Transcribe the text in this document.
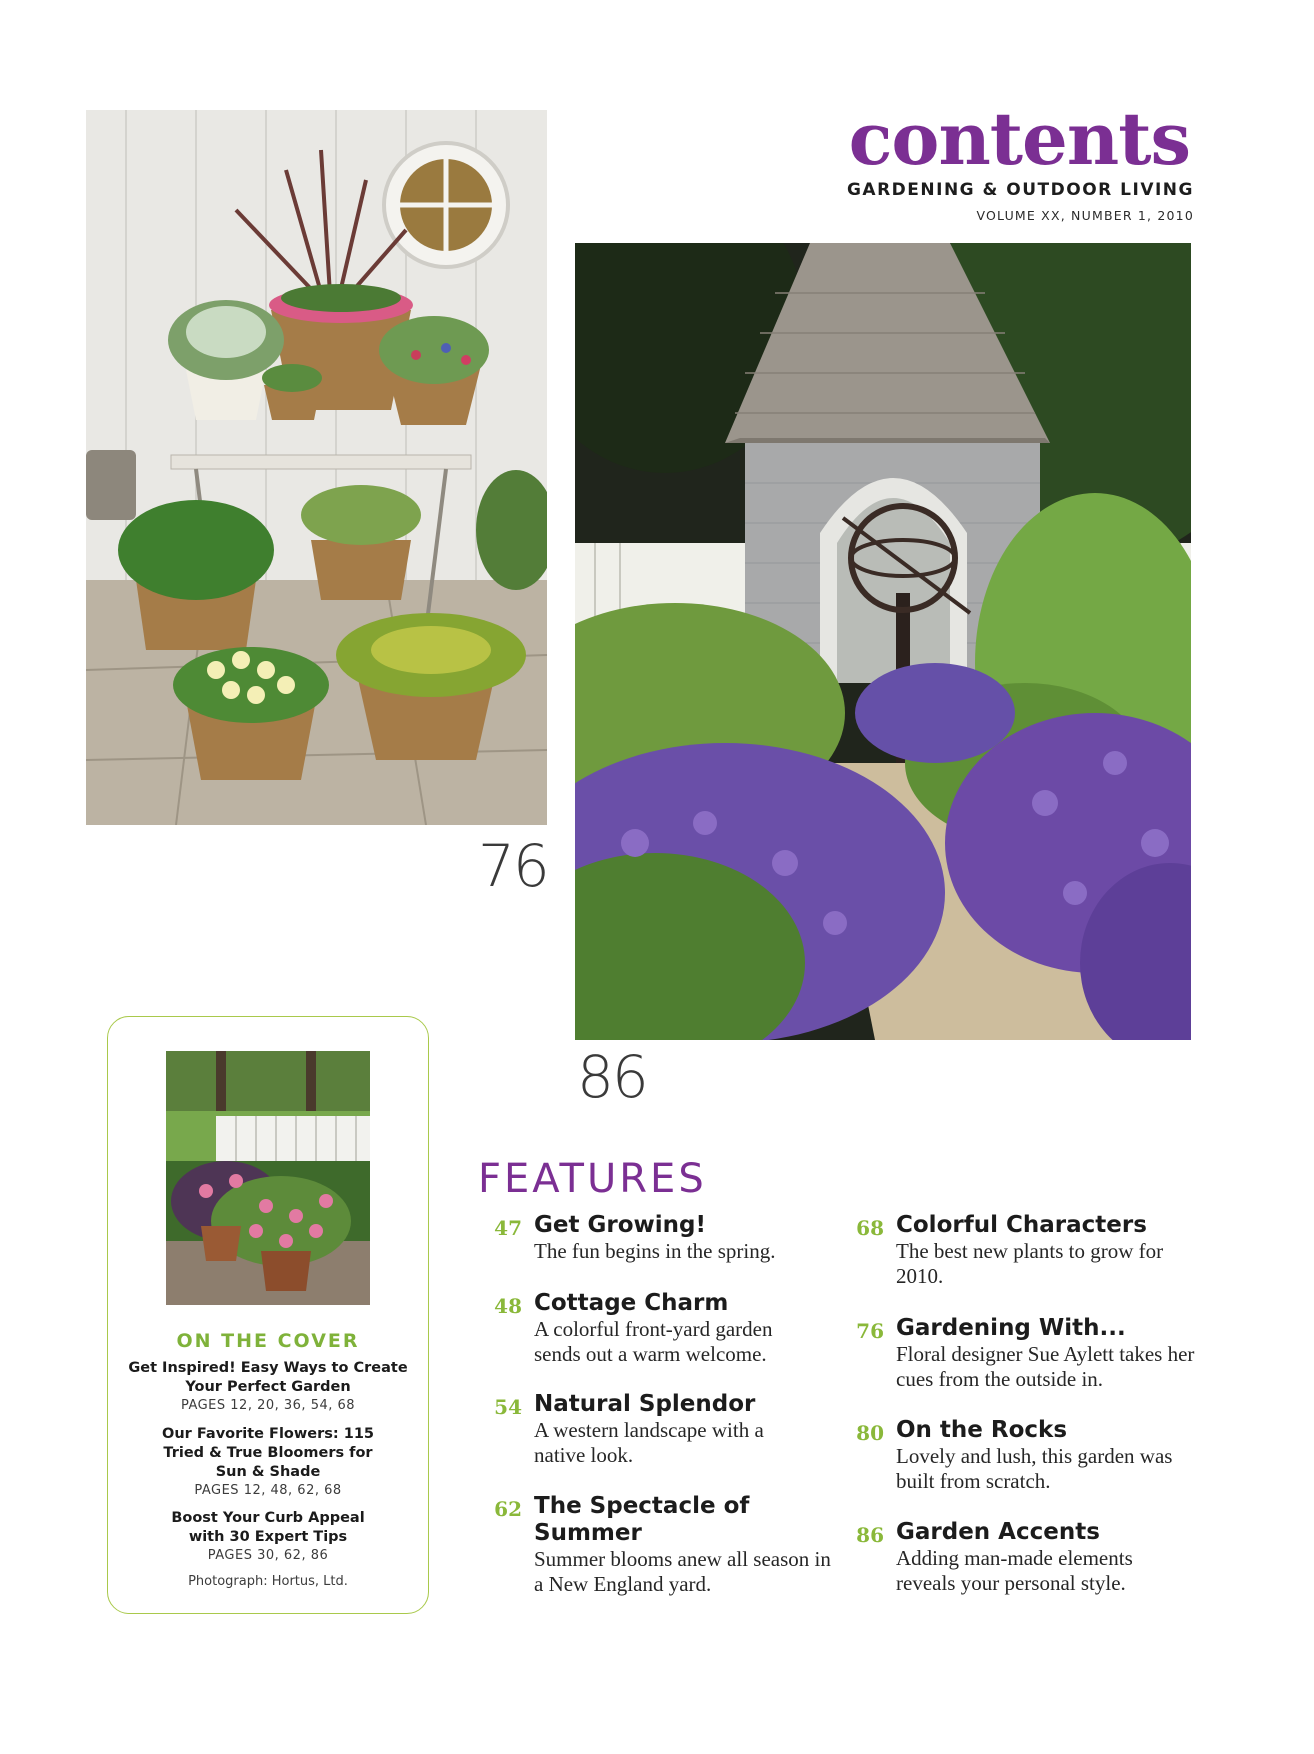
contents
GARDENING & OUTDOOR LIVING
VOLUME XX, NUMBER 1, 2010
76
86
ON THE COVER
Get Inspired! Easy Ways to Create Your Perfect Garden
PAGES 12, 20, 36, 54, 68
Our Favorite Flowers: 115 Tried & True Bloomers for Sun & Shade
PAGES 12, 48, 62, 68
Boost Your Curb Appeal with 30 Expert Tips
PAGES 30, 62, 86
Photograph: Hortus, Ltd.
FEATURES
47 Get Growing!
The fun begins in the spring.
48 Cottage Charm
A colorful front-yard garden sends out a warm welcome.
54 Natural Splendor
A western landscape with a native look.
62 The Spectacle of Summer
Summer blooms anew all season in a New England yard.
68 Colorful Characters
The best new plants to grow for 2010.
76 Gardening With...
Floral designer Sue Aylett takes her cues from the outside in.
80 On the Rocks
Lovely and lush, this garden was built from scratch.
86 Garden Accents
Adding man-made elements reveals your personal style.
